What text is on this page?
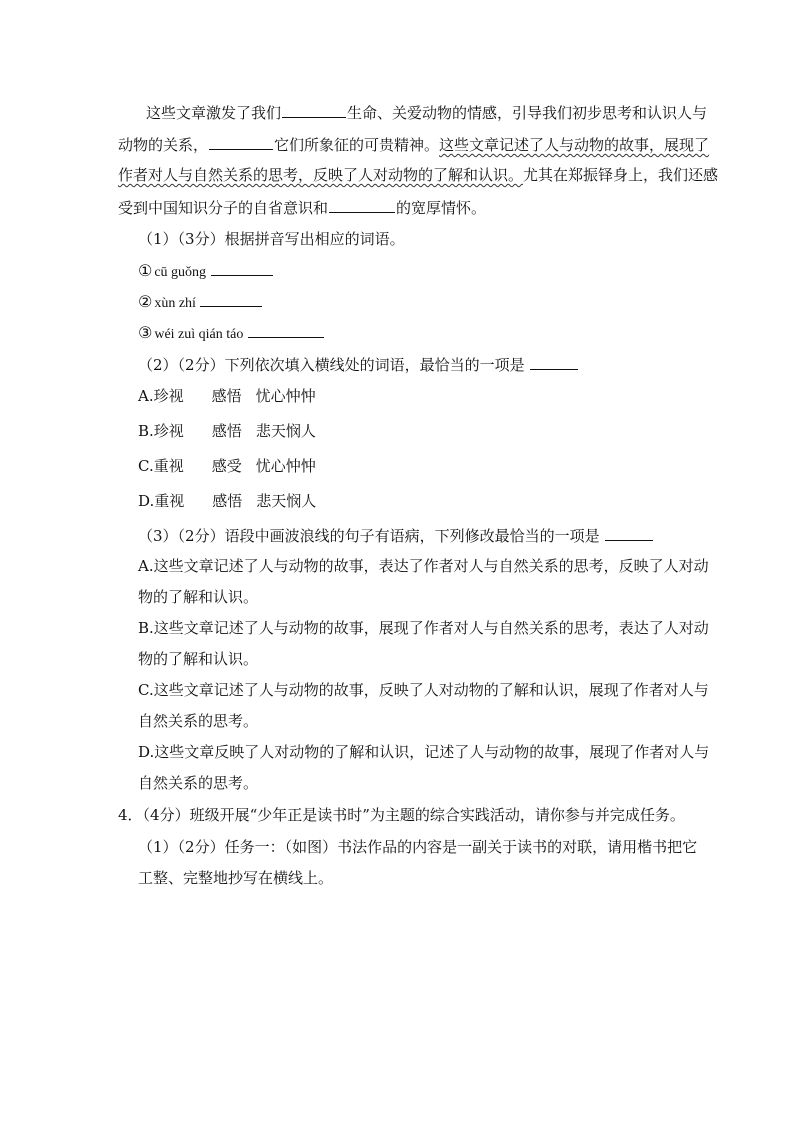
这些文章激发了我们	生命、关爱动物的情感，引导我们初步思考和认识人与
动物的关系，	它们所象征的可贵精神。这些文章记述了人与动物的故事，展现了
作者对人与自然关系的思考，反映了人对动物的了解和认识。尤其在郑振铎身上，我们还感
受到中国知识分子的自省意识和	的宽厚情怀。
（1）（3分）根据拼音写出相应的词语。
① cū guǒng
② xùn zhí
③ wéi zuì qián táo
（2）（2分）下列依次填入横线处的词语，最恰当的一项是
A.珍视 感悟 忧心忡忡
B.珍视 感悟 悲天悯人
C.重视 感受 忧心忡忡
D.重视 感悟 悲天悯人
（3）（2分）语段中画波浪线的句子有语病，下列修改最恰当的一项是
A.这些文章记述了人与动物的故事，表达了作者对人与自然关系的思考，反映了人对动
物的了解和认识。
B.这些文章记述了人与动物的故事，展现了作者对人与自然关系的思考，表达了人对动
物的了解和认识。
C.这些文章记述了人与动物的故事，反映了人对动物的了解和认识，展现了作者对人与
自然关系的思考。
D.这些文章反映了人对动物的了解和认识，记述了人与动物的故事，展现了作者对人与
自然关系的思考。
4．（4分）班级开展“少年正是读书时”为主题的综合实践活动，请你参与并完成任务。
（1）（2分）任务一：（如图）书法作品的内容是一副关于读书的对联，请用楷书把它
工整、完整地抄写在横线上。
